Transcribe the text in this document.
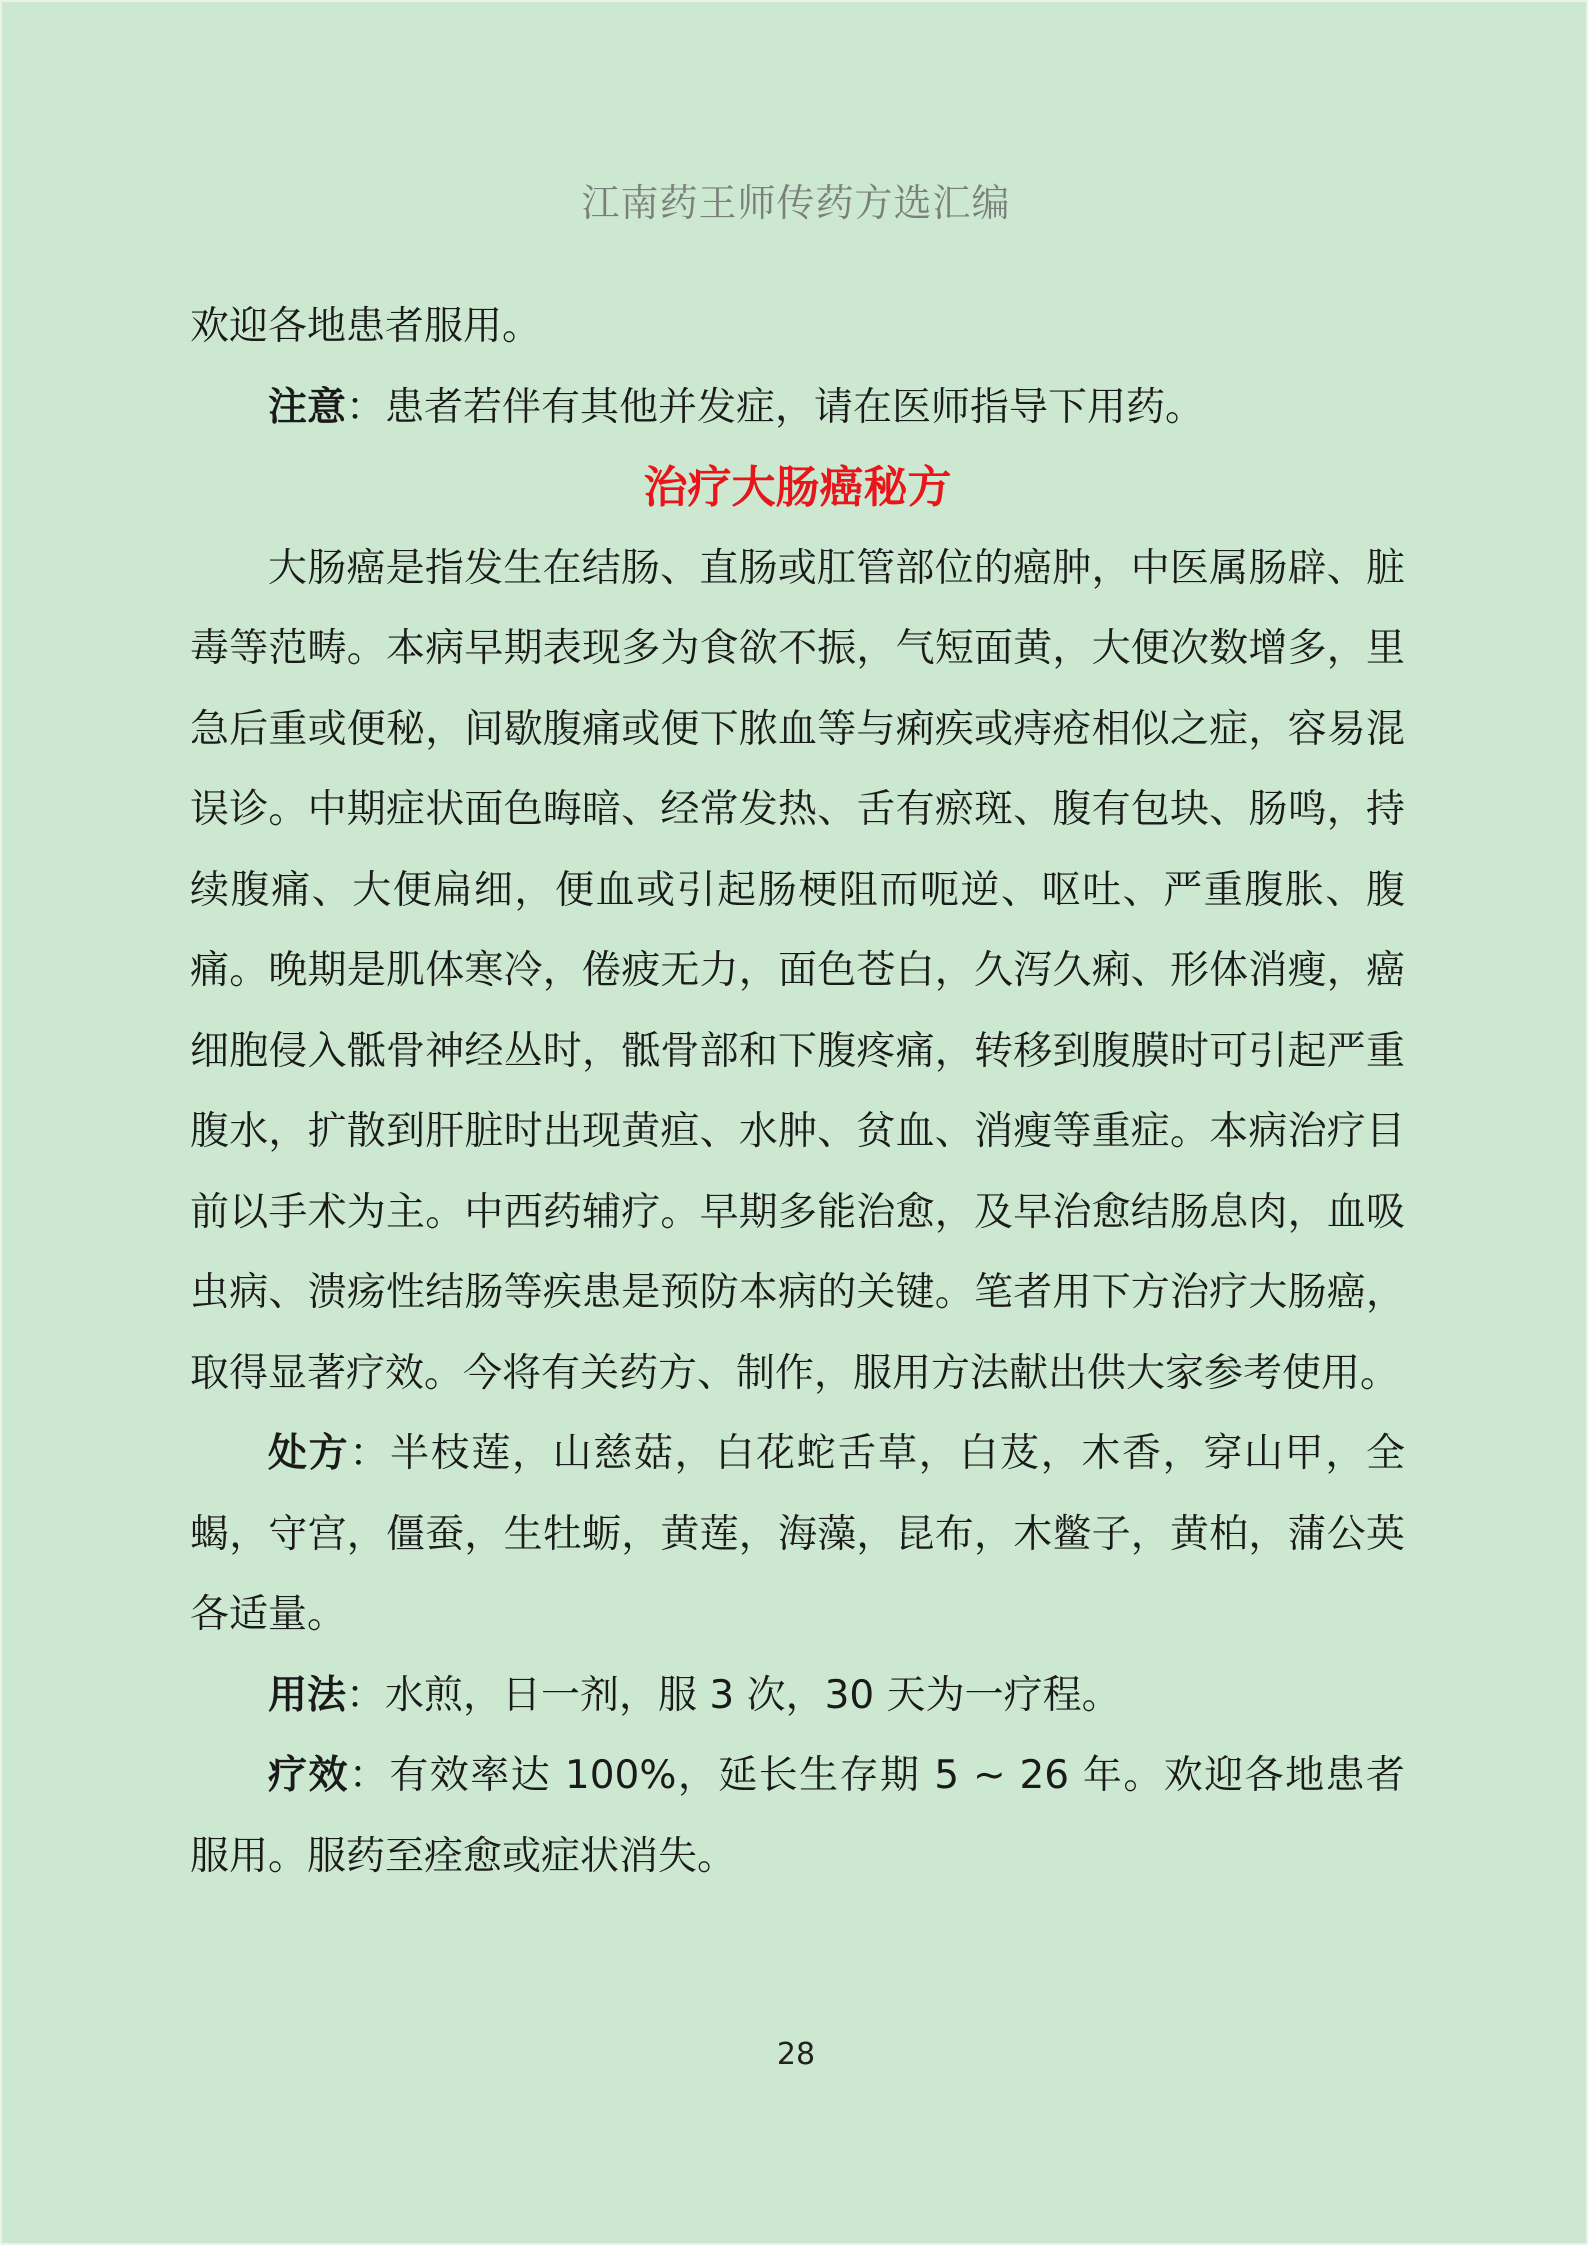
江南药王师传药方选汇编

欢迎各地患者服用。

注意：患者若伴有其他并发症，请在医师指导下用药。

治疗大肠癌秘方

大肠癌是指发生在结肠、直肠或肛管部位的癌肿，中医属肠辟、脏毒等范畴。本病早期表现多为食欲不振，气短面黄，大便次数增多，里急后重或便秘，间歇腹痛或便下脓血等与痢疾或痔疮相似之症，容易混误诊。中期症状面色晦暗、经常发热、舌有瘀斑、腹有包块、肠鸣，持续腹痛、大便扁细，便血或引起肠梗阻而呃逆、呕吐、严重腹胀、腹痛。晚期是肌体寒冷，倦疲无力，面色苍白，久泻久痢、形体消瘦，癌细胞侵入骶骨神经丛时，骶骨部和下腹疼痛，转移到腹膜时可引起严重腹水，扩散到肝脏时出现黄疸、水肿、贫血、消瘦等重症。本病治疗目前以手术为主。中西药辅疗。早期多能治愈，及早治愈结肠息肉，血吸虫病、溃疡性结肠等疾患是预防本病的关键。笔者用下方治疗大肠癌，取得显著疗效。今将有关药方、制作，服用方法献出供大家参考使用。

处方：半枝莲，山慈菇，白花蛇舌草，白芨，木香，穿山甲，全蝎，守宫，僵蚕，生牡蛎，黄莲，海藻，昆布，木鳖子，黄柏，蒲公英各适量。

用法：水煎，日一剂，服 3 次，30 天为一疗程。

疗效：有效率达 100%，延长生存期 5 ~ 26 年。欢迎各地患者服用。服药至痊愈或症状消失。

28
